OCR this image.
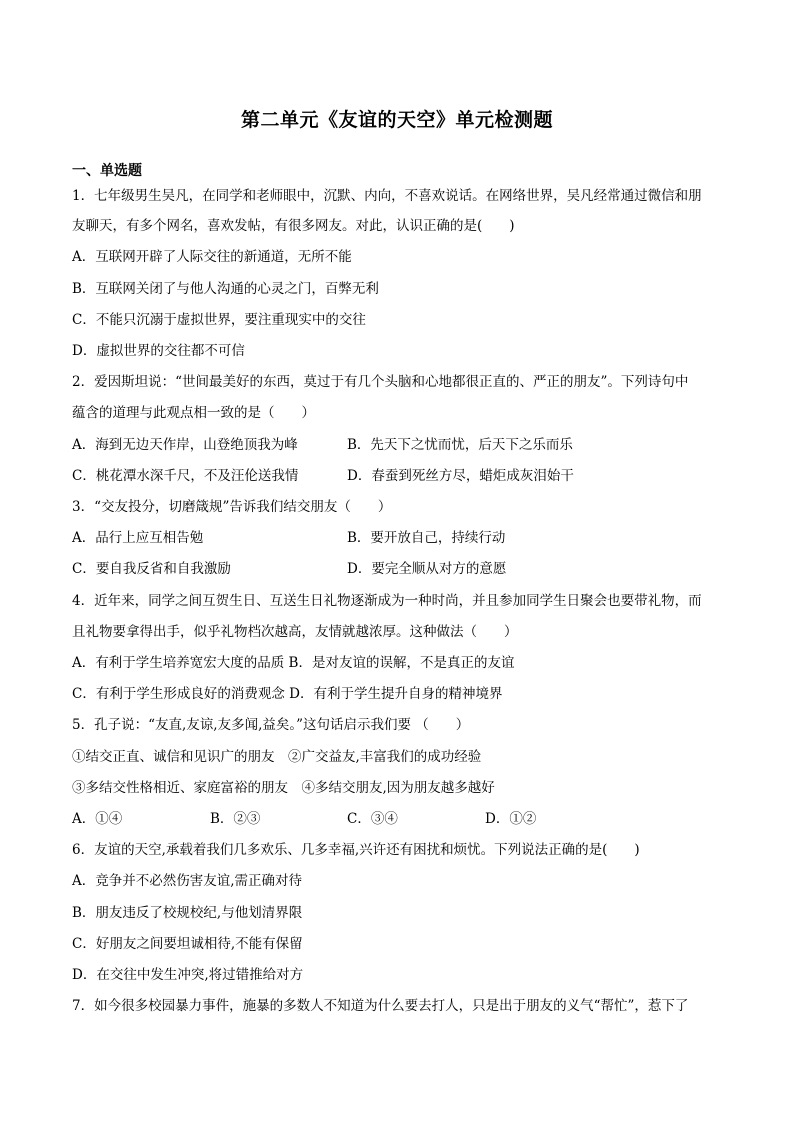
第二单元《友谊的天空》单元检测题
一、单选题
1．七年级男生吴凡，在同学和老师眼中，沉默、内向，不喜欢说话。在网络世界，吴凡经常通过微信和朋
友聊天，有多个网名，喜欢发帖，有很多网友。对此，认识正确的是(　　)
A．互联网开辟了人际交往的新通道，无所不能
B．互联网关闭了与他人沟通的心灵之门，百弊无利
C．不能只沉溺于虚拟世界，要注重现实中的交往
D．虚拟世界的交往都不可信
2．爱因斯坦说：“世间最美好的东西，莫过于有几个头脑和心地都很正直的、严正的朋友”。下列诗句中
蕴含的道理与此观点相一致的是（　　）
A．海到无边天作岸，山登绝顶我为峰	B．先天下之忧而忧，后天下之乐而乐
C．桃花潭水深千尺，不及汪伦送我情	D．春蚕到死丝方尽，蜡炬成灰泪始干
3．“交友投分，切磨箴规”告诉我们结交朋友（　　）
A．品行上应互相告勉	B．要开放自己，持续行动
C．要自我反省和自我激励	D．要完全顺从对方的意愿
4．近年来，同学之间互贺生日、互送生日礼物逐渐成为一种时尚，并且参加同学生日聚会也要带礼物，而
且礼物要拿得出手，似乎礼物档次越高，友情就越浓厚。这种做法（　　）
A．有利于学生培养宽宏大度的品质 B．是对友谊的误解，不是真正的友谊
C．有利于学生形成良好的消费观念 D．有利于学生提升自身的精神境界
5．孔子说：“友直,友谅,友多闻,益矣。”这句话启示我们要 （　　）
①结交正直、诚信和见识广的朋友　②广交益友,丰富我们的成功经验
③多结交性格相近、家庭富裕的朋友　④多结交朋友,因为朋友越多越好
A．①④	B．②③	C．③④	D．①②
6．友谊的天空,承载着我们几多欢乐、几多幸福,兴许还有困扰和烦忧。下列说法正确的是(　　)
A．竞争并不必然伤害友谊,需正确对待
B．朋友违反了校规校纪,与他划清界限
C．好朋友之间要坦诚相待,不能有保留
D．在交往中发生冲突,将过错推给对方
7．如今很多校园暴力事件，施暴的多数人不知道为什么要去打人，只是出于朋友的义气“帮忙”，惹下了
